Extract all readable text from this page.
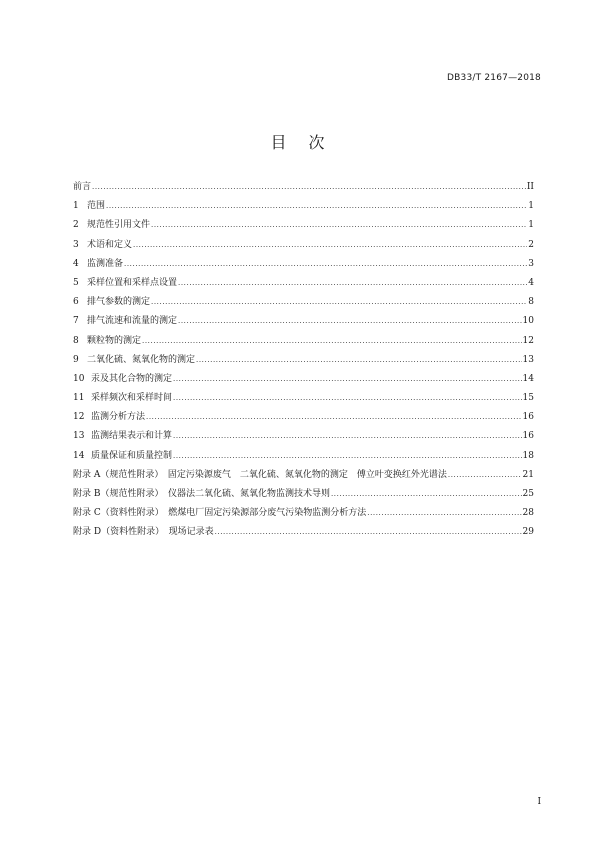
DB33/T 2167—2018
目次
前言 .....	II
1 范围 .....	1
2 规范性引用文件 .....	1
3 术语和定义 .....	2
4 监测准备 .....	3
5 采样位置和采样点设置 .....	4
6 排气参数的测定 .....	8
7 排气流速和流量的测定 .....	10
8 颗粒物的测定 .....	12
9 二氧化硫、氮氧化物的测定 .....	13
10 汞及其化合物的测定 .....	14
11 采样频次和采样时间 .....	15
12 监测分析方法 .....	16
13 监测结果表示和计算 .....	16
14 质量保证和质量控制 .....	18
附录 A（规范性附录）　固定污染源废气　二氧化硫、氮氧化物的测定　傅立叶变换红外光谱法 .....	21
附录 B（规范性附录）　仪器法二氧化硫、氮氧化物监测技术导则 .....	25
附录 C（资料性附录）　燃煤电厂固定污染源部分废气污染物监测分析方法 .....	28
附录 D（资料性附录）　现场记录表 .....	29
I
